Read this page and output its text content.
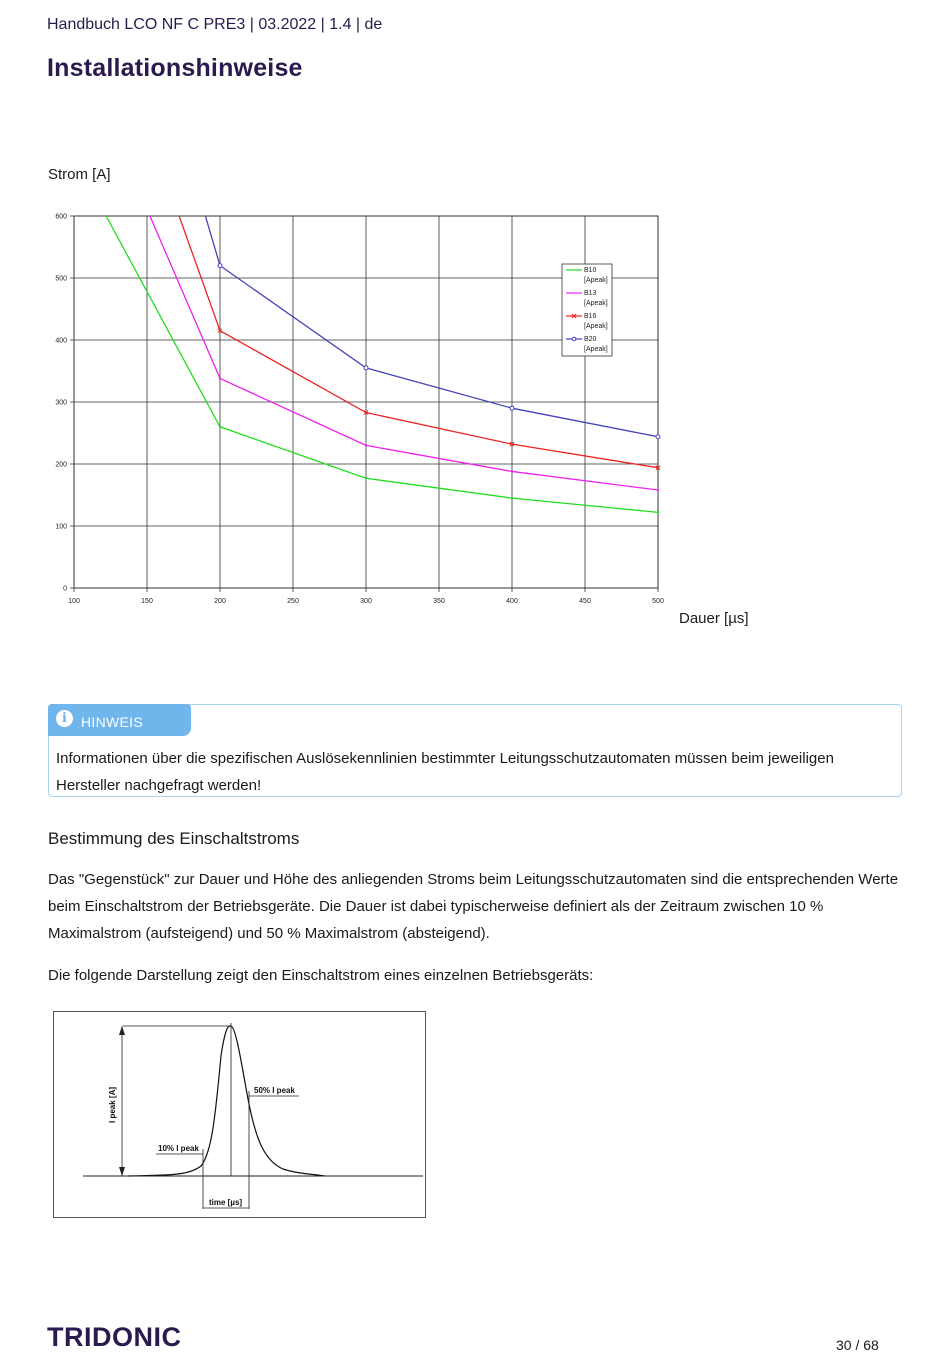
Handbuch LCO NF C PRE3 | 03.2022 | 1.4 | de
Installationshinweise
Strom [A]
100	150	200	250	300	350	400	450	500
0
100
200
300
400
500
600
B10
[Apeak]
B13
[Apeak]
B16
[Apeak]
B20
[Apeak]
Dauer [µs]
i	HINWEIS
Informationen über die spezifischen Auslösekennlinien bestimmter Leitungsschutzautomaten müssen beim jeweiligen Hersteller nachgefragt werden!
Bestimmung des Einschaltstroms
Das "Gegenstück" zur Dauer und Höhe des anliegenden Stroms beim Leitungsschutzautomaten sind die entsprechenden Werte beim Einschaltstrom der Betriebsgeräte. Die Dauer ist dabei typischerweise definiert als der Zeitraum zwischen 10 % Maximalstrom (aufsteigend) und 50 % Maximalstrom (absteigend).
Die folgende Darstellung zeigt den Einschaltstrom eines einzelnen Betriebsgeräts:
I peak [A]
10% I peak
50% I peak
time [µs]
TRIDONIC	30 / 68
